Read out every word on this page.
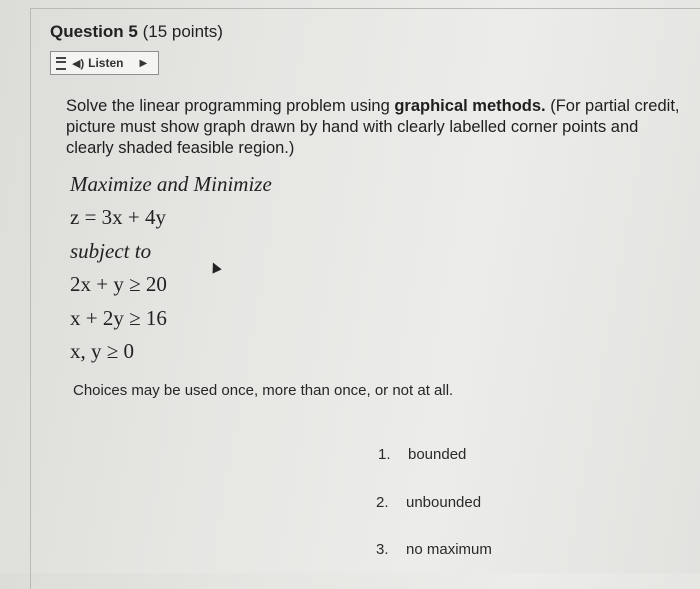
Question 5 (15 points)
◀) Listen ▶
Solve the linear programming problem using graphical methods. (For partial credit, picture must show graph drawn by hand with clearly labelled corner points and clearly shaded feasible region.)
Maximize and Minimize
z = 3x + 4y
subject to
2x + y ≥ 20
x + 2y ≥ 16
x, y ≥ 0
Choices may be used once, more than once, or not at all.
1. bounded
2. unbounded
3. no maximum
